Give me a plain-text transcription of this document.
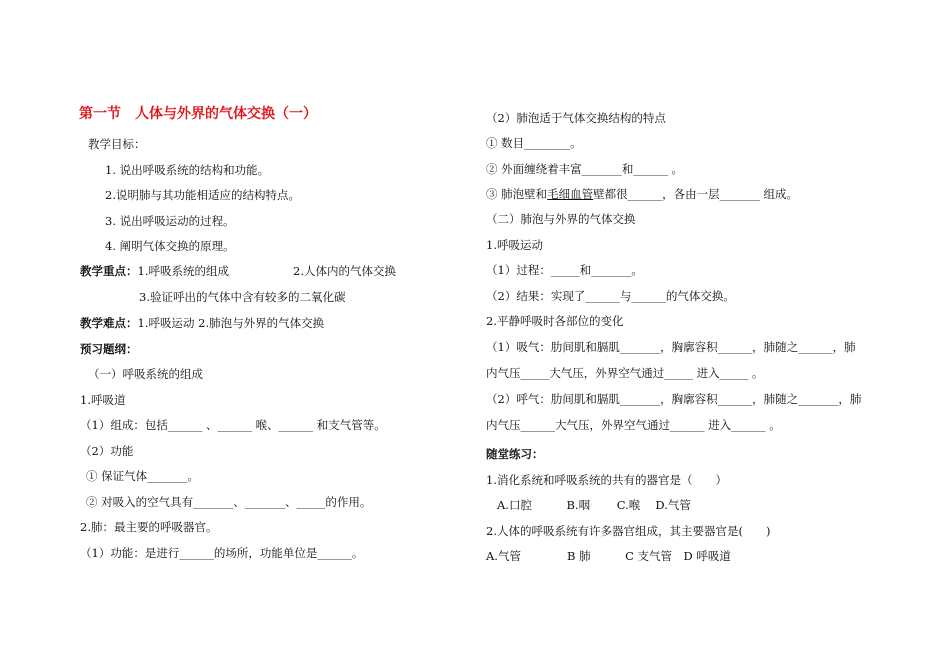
第一节　人体与外界的气体交换（一）
教学目标：
1. 说出呼吸系统的结构和功能。
2.说明肺与其功能相适应的结构特点。
3. 说出呼吸运动的过程。
4. 阐明气体交换的原理。
教学重点：1.呼吸系统的组成	2.人体内的气体交换
3.验证呼出的气体中含有较多的二氧化碳
教学难点：1.呼吸运动 2.肺泡与外界的气体交换
预习题纲：
（一）呼吸系统的组成
1.呼吸道
（1）组成：包括______ 、______ 喉、______ 和支气管等。
（2）功能
① 保证气体_______。
② 对吸入的空气具有_______、_______、_____的作用。
2.肺：最主要的呼吸器官。
（1）功能：是进行______的场所，功能单位是______。
（2）肺泡适于气体交换结构的特点
① 数目________。
② 外面缠绕着丰富_______和______ 。
③ 肺泡壁和毛细血管壁都很______，各由一层_______ 组成。
（二）肺泡与外界的气体交换
1.呼吸运动
（1）过程：_____和_______。
（2）结果：实现了______与______的气体交换。
2.平静呼吸时各部位的变化
（1）吸气：肋间肌和膈肌_______，胸廓容积______，肺随之______，肺
内气压_____大气压，外界空气通过_____ 进入_____ 。
（2）呼气：肋间肌和膈肌_______，胸廓容积______，肺随之_______，肺
内气压______大气压，外界空气通过______ 进入______ 。
随堂练习：
1.消化系统和呼吸系统的共有的器官是（　　）
A.口腔　　　B.咽　　 C.喉　 D.气管
2.人体的呼吸系统有许多器官组成，其主要器官是(　　)
A.气管　　　　B 肺　　　C 支气管　D 呼吸道
